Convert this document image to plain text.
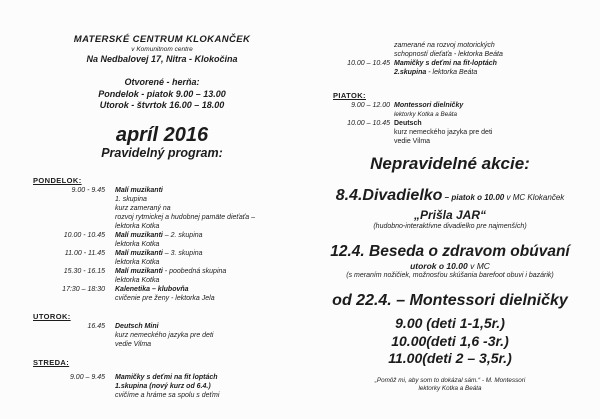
MATERSKÉ CENTRUM KLOKANČEK
v Komunitnom centre
Na Nedbalovej 17, Nitra - Klokočina
Otvorené - herňa:
Pondelok - piatok 9.00 – 13.00
Utorok - štvrtok 16.00 – 18.00
apríl 2016
Pravidelný program:
PONDELOK:
9.00 - 9.45	Malí muzikanti
1. skupina
kurz zameraný na
rozvoj rytmickej a hudobnej pamäte dieťaťa –
lektorka Kotka
10.00 - 10.45	Malí muzikanti – 2. skupina
lektorka Kotka
11.00 - 11.45	Malí muzikanti – 3. skupina
lektorka Kotka
15.30 - 16.15	Malí muzikanti - poobedná skupina
lektorka Kotka
17:30 – 18:30	Kalenetika – klubovňa
cvičenie pre ženy - lektorka Jela
UTOROK:
16.45	Deutsch Mini
kurz nemeckého jazyka pre deti
vedie Vilma
STREDA:
9.00 – 9.45	Mamičky s deťmi na fit loptách
1.skupina (nový kurz od 6.4.)
cvičíme a hráme sa spolu s deťmi
zamerané na rozvoj motorických
schopností dieťaťa - lektorka Beáta
10.00 – 10.45 Mamičky s deťmi na fit-loptách
2.skupina - lektorka Beáta
PIATOK:
9.00 – 12.00 Montessori dielničky
lektorky Kotka a Beáta
10.00 – 10.45 Deutsch
kurz nemeckého jazyka pre deti
vedie Vilma
Nepravidelné akcie:
8.4.Divadielko – piatok o 10.00 v MC Klokanček
„Prišla JAR“
(hudobno-interaktívne divadielko pre najmenších)
12.4. Beseda o zdravom obúvaní
utorok o 10.00 v MC
(s meraním nožičiek, možnosťou skúšania barefoot obuvi i bazárik)
od 22.4. – Montessori dielničky
9.00 (deti 1-1,5r.)
10.00(deti 1,6 -3r.)
11.00(deti 2 – 3,5r.)
„Pomôž mi, aby som to dokázal sám.“ - M. Montessori
lektorky Kotka a Beáta
